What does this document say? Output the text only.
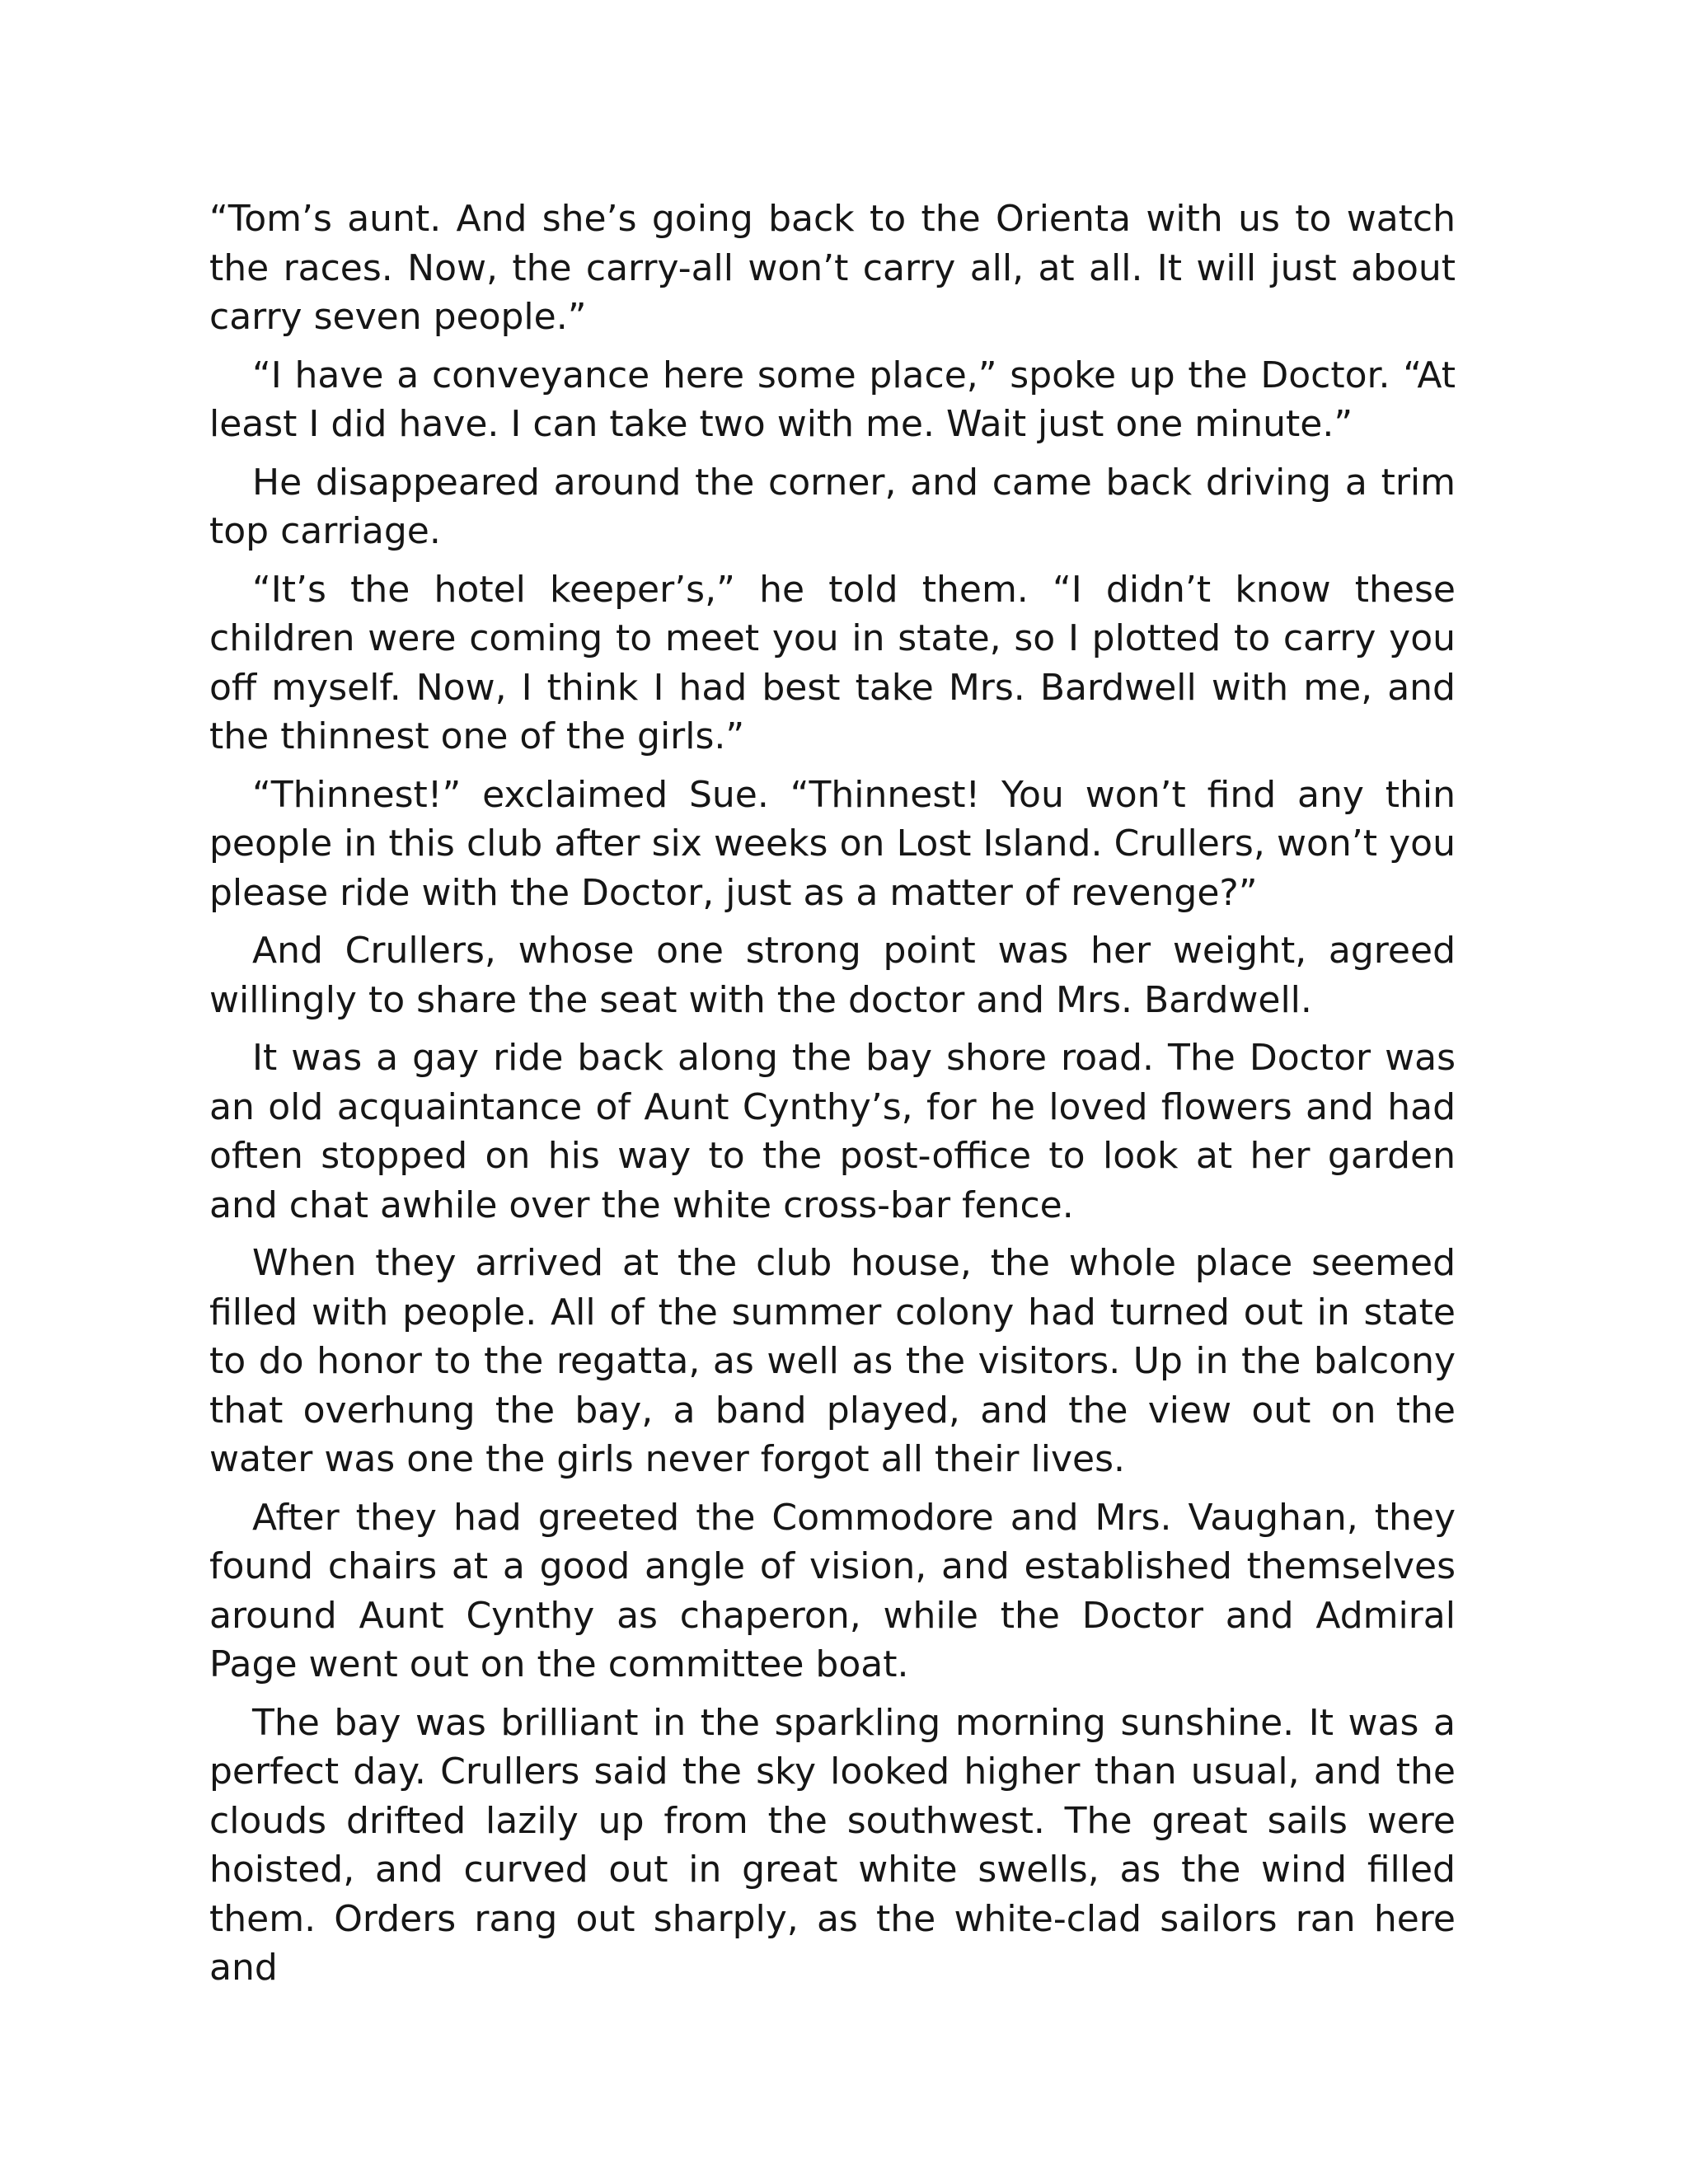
“Tom’s aunt. And she’s going back to the Orienta with us to watch the races. Now, the carry-all won’t carry all, at all. It will just about carry seven people.”

“I have a conveyance here some place,” spoke up the Doctor. “At least I did have. I can take two with me. Wait just one minute.”

He disappeared around the corner, and came back driving a trim top carriage.

“It’s the hotel keeper’s,” he told them. “I didn’t know these children were coming to meet you in state, so I plotted to carry you off myself. Now, I think I had best take Mrs. Bardwell with me, and the thinnest one of the girls.”

“Thinnest!” exclaimed Sue. “Thinnest! You won’t find any thin people in this club after six weeks on Lost Island. Crullers, won’t you please ride with the Doctor, just as a matter of revenge?”

And Crullers, whose one strong point was her weight, agreed willingly to share the seat with the doctor and Mrs. Bardwell.

It was a gay ride back along the bay shore road. The Doctor was an old acquaintance of Aunt Cynthy’s, for he loved flowers and had often stopped on his way to the post-office to look at her garden and chat awhile over the white cross-bar fence.

When they arrived at the club house, the whole place seemed filled with people. All of the summer colony had turned out in state to do honor to the regatta, as well as the visitors. Up in the balcony that overhung the bay, a band played, and the view out on the water was one the girls never forgot all their lives.

After they had greeted the Commodore and Mrs. Vaughan, they found chairs at a good angle of vision, and established themselves around Aunt Cynthy as chaperon, while the Doctor and Admiral Page went out on the committee boat.

The bay was brilliant in the sparkling morning sunshine. It was a perfect day. Crullers said the sky looked higher than usual, and the clouds drifted lazily up from the southwest. The great sails were hoisted, and curved out in great white swells, as the wind filled them. Orders rang out sharply, as the white-clad sailors ran here and
